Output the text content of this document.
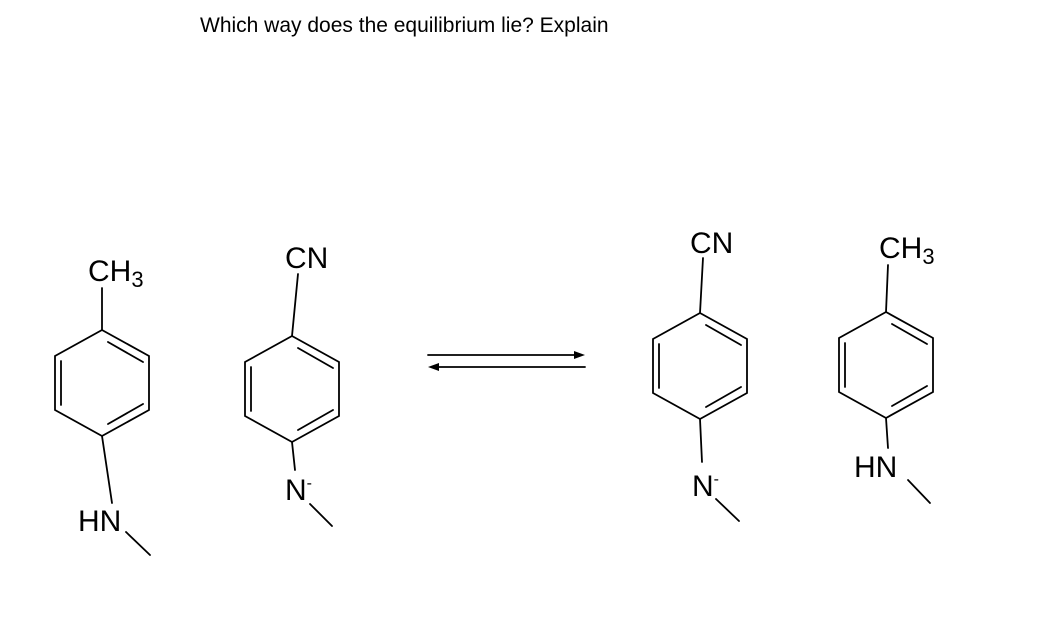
Which way does the equilibrium lie? Explain
$CH_3$
HN
CN
N-
CN
N-
$CH_3$
HN
